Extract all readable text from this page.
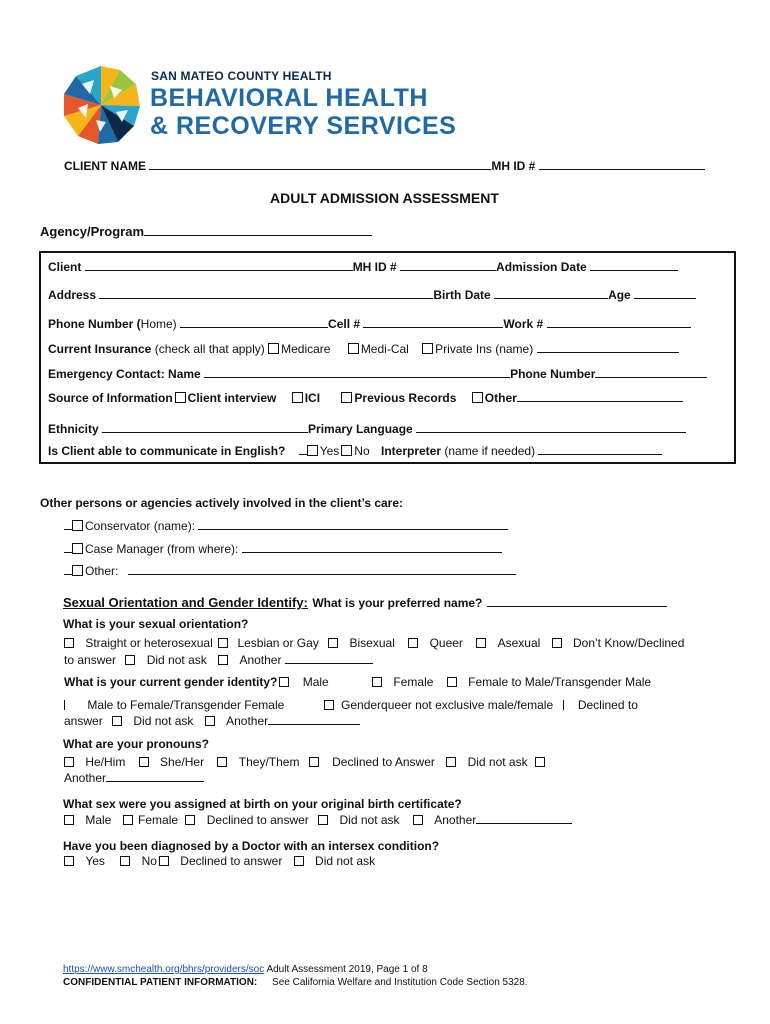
SAN MATEO COUNTY HEALTH
BEHAVIORAL HEALTH
& RECOVERY SERVICES
CLIENT NAME	MH ID #
ADULT ADMISSION ASSESSMENT
Agency/Program
Client	MH ID #	Admission Date
Address	Birth Date	Age
Phone Number (Home)	Cell #	Work #
Current Insurance (check all that apply) Medicare	Medi-Cal Private Ins (name)
Emergency Contact: Name	Phone Number
Source of Information Client interview ICI	Previous Records Other
Ethnicity	Primary Language
Is Client able to communicate in English?	Yes No Interpreter (name if needed)
Other persons or agencies actively involved in the client’s care:
Conservator (name):
Case Manager (from where):
Other:
Sexual Orientation and Gender Identify: What is your preferred name?
What is your sexual orientation?
Straight or heterosexual Lesbian or Gay	Bisexual	Queer	Asexual	Don’t Know/Declined
to answer	Did not ask	Another
What is your current gender identity? Male	Female	Female to Male/Transgender Male
Male to Female/Transgender Female	Genderqueer not exclusive male/female Declined to
answer	Did not ask	Another
What are your pronouns?
He/Him	She/Her	They/Them	Declined to Answer	Did not ask
Another
What sex were you assigned at birth on your original birth certificate?
Male Female Declined to answer	Did not ask	Another
Have you been diagnosed by a Doctor with an intersex condition?
Yes	No Declined to answer	Did not ask
https://www.smchealth.org/bhrs/providers/soc Adult Assessment 2019, Page 1 of 8
CONFIDENTIAL PATIENT INFORMATION: See California Welfare and Institution Code Section 5328.
